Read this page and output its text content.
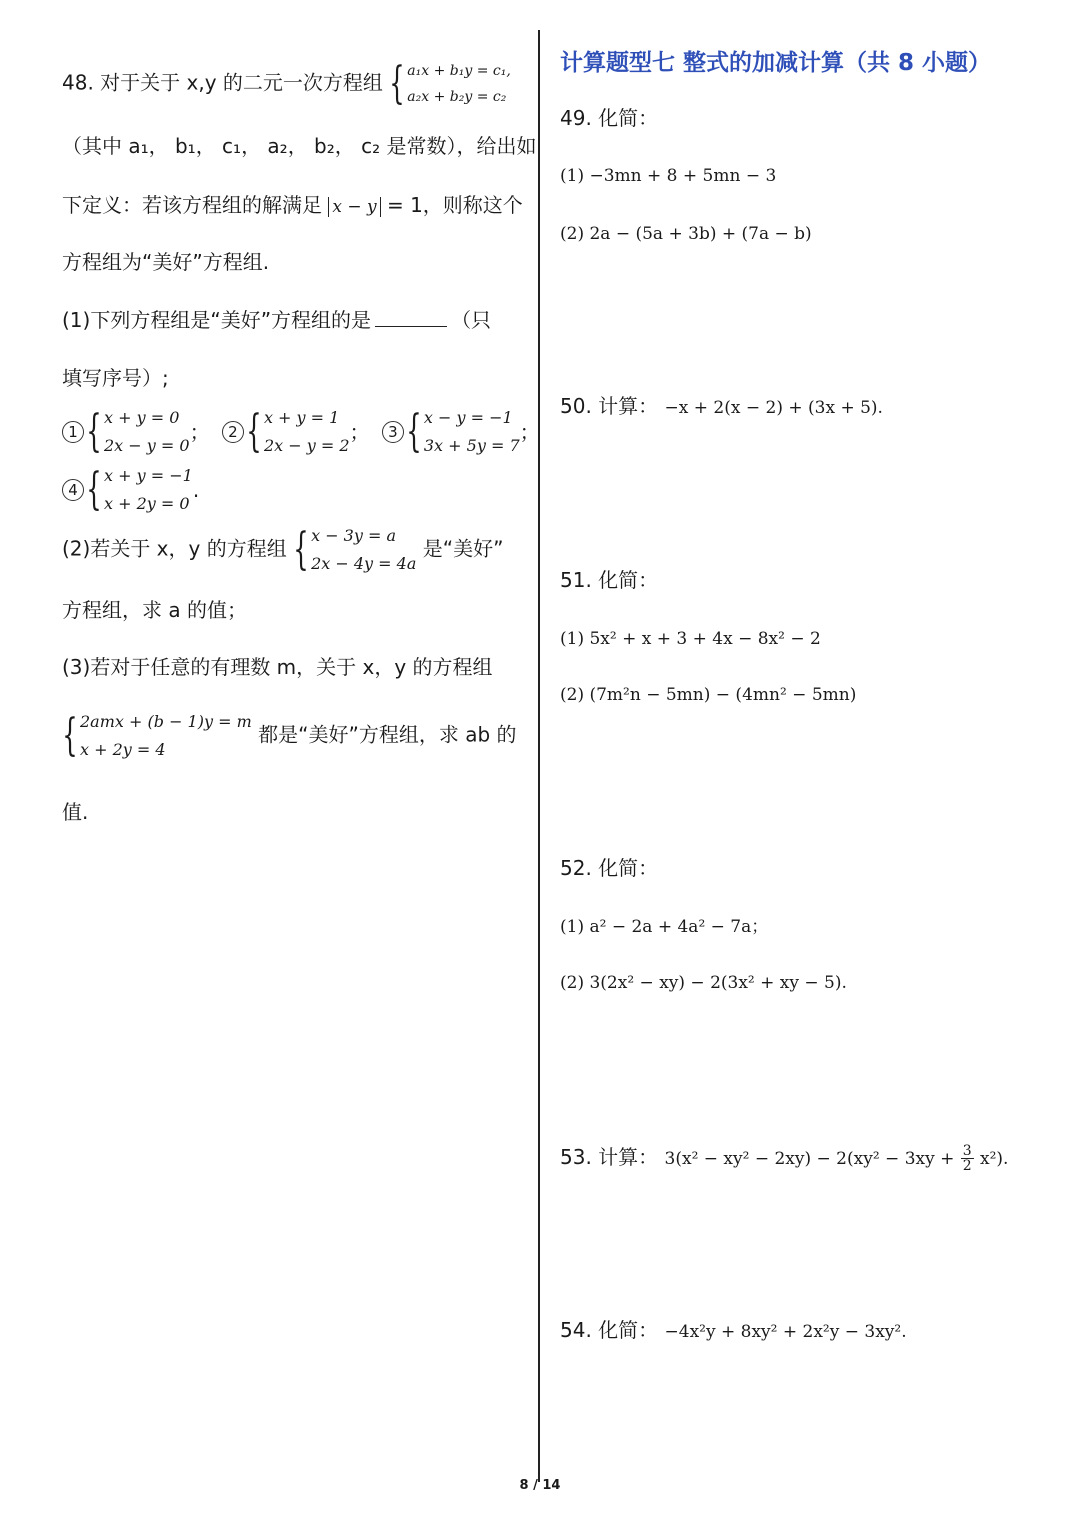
48. 对于关于 x,y 的二元一次方程组 { a₁x + b₁y = c₁,
a₂x + b₂y = c₂
（其中 a₁， b₁， c₁， a₂， b₂， c₂ 是常数），给出如
下定义：若该方程组的解满足 x − y = 1，则称这个
方程组为“美好”方程组.
(1)下列方程组是“美好”方程组的是	（只
填写序号）;
1 { x + y = 0
2x − y = 0
；
	2 { x + y = 1
2x − y = 2
；
	3 { x − y = −1
3x + 5y = 7
；
4 { x + y = −1
x + 2y = 0
.
(2)若关于 x，y 的方程组 { x − 3y = a
2x − 4y = 4a
是“美好”
方程组，求 a 的值；
(3)若对于任意的有理数 m，关于 x，y 的方程组
{ 2amx + (b − 1)y = m
x + 2y = 4
都是“美好”方程组，求 ab 的
值.
计算题型七 整式的加减计算（共 8 小题）
49. 化简：
(1) −3mn + 8 + 5mn − 3
(2) 2a − (5a + 3b) + (7a − b)
50. 计算： −x + 2(x − 2) + (3x + 5).
51. 化简：
(1) 5x² + x + 3 + 4x − 8x² − 2
(2) (7m²n − 5mn) − (4mn² − 5mn)
52. 化简：
(1) a² − 2a + 4a² − 7a；
(2) 3(2x² − xy) − 2(3x² + xy − 5).
53. 计算： $3(x^2 - xy^2 - 2xy) - 2(xy^2 - 3xy + \frac{3}{2} x^2)$.
54. 化简： −4x²y + 8xy² + 2x²y − 3xy².
8 / 14
